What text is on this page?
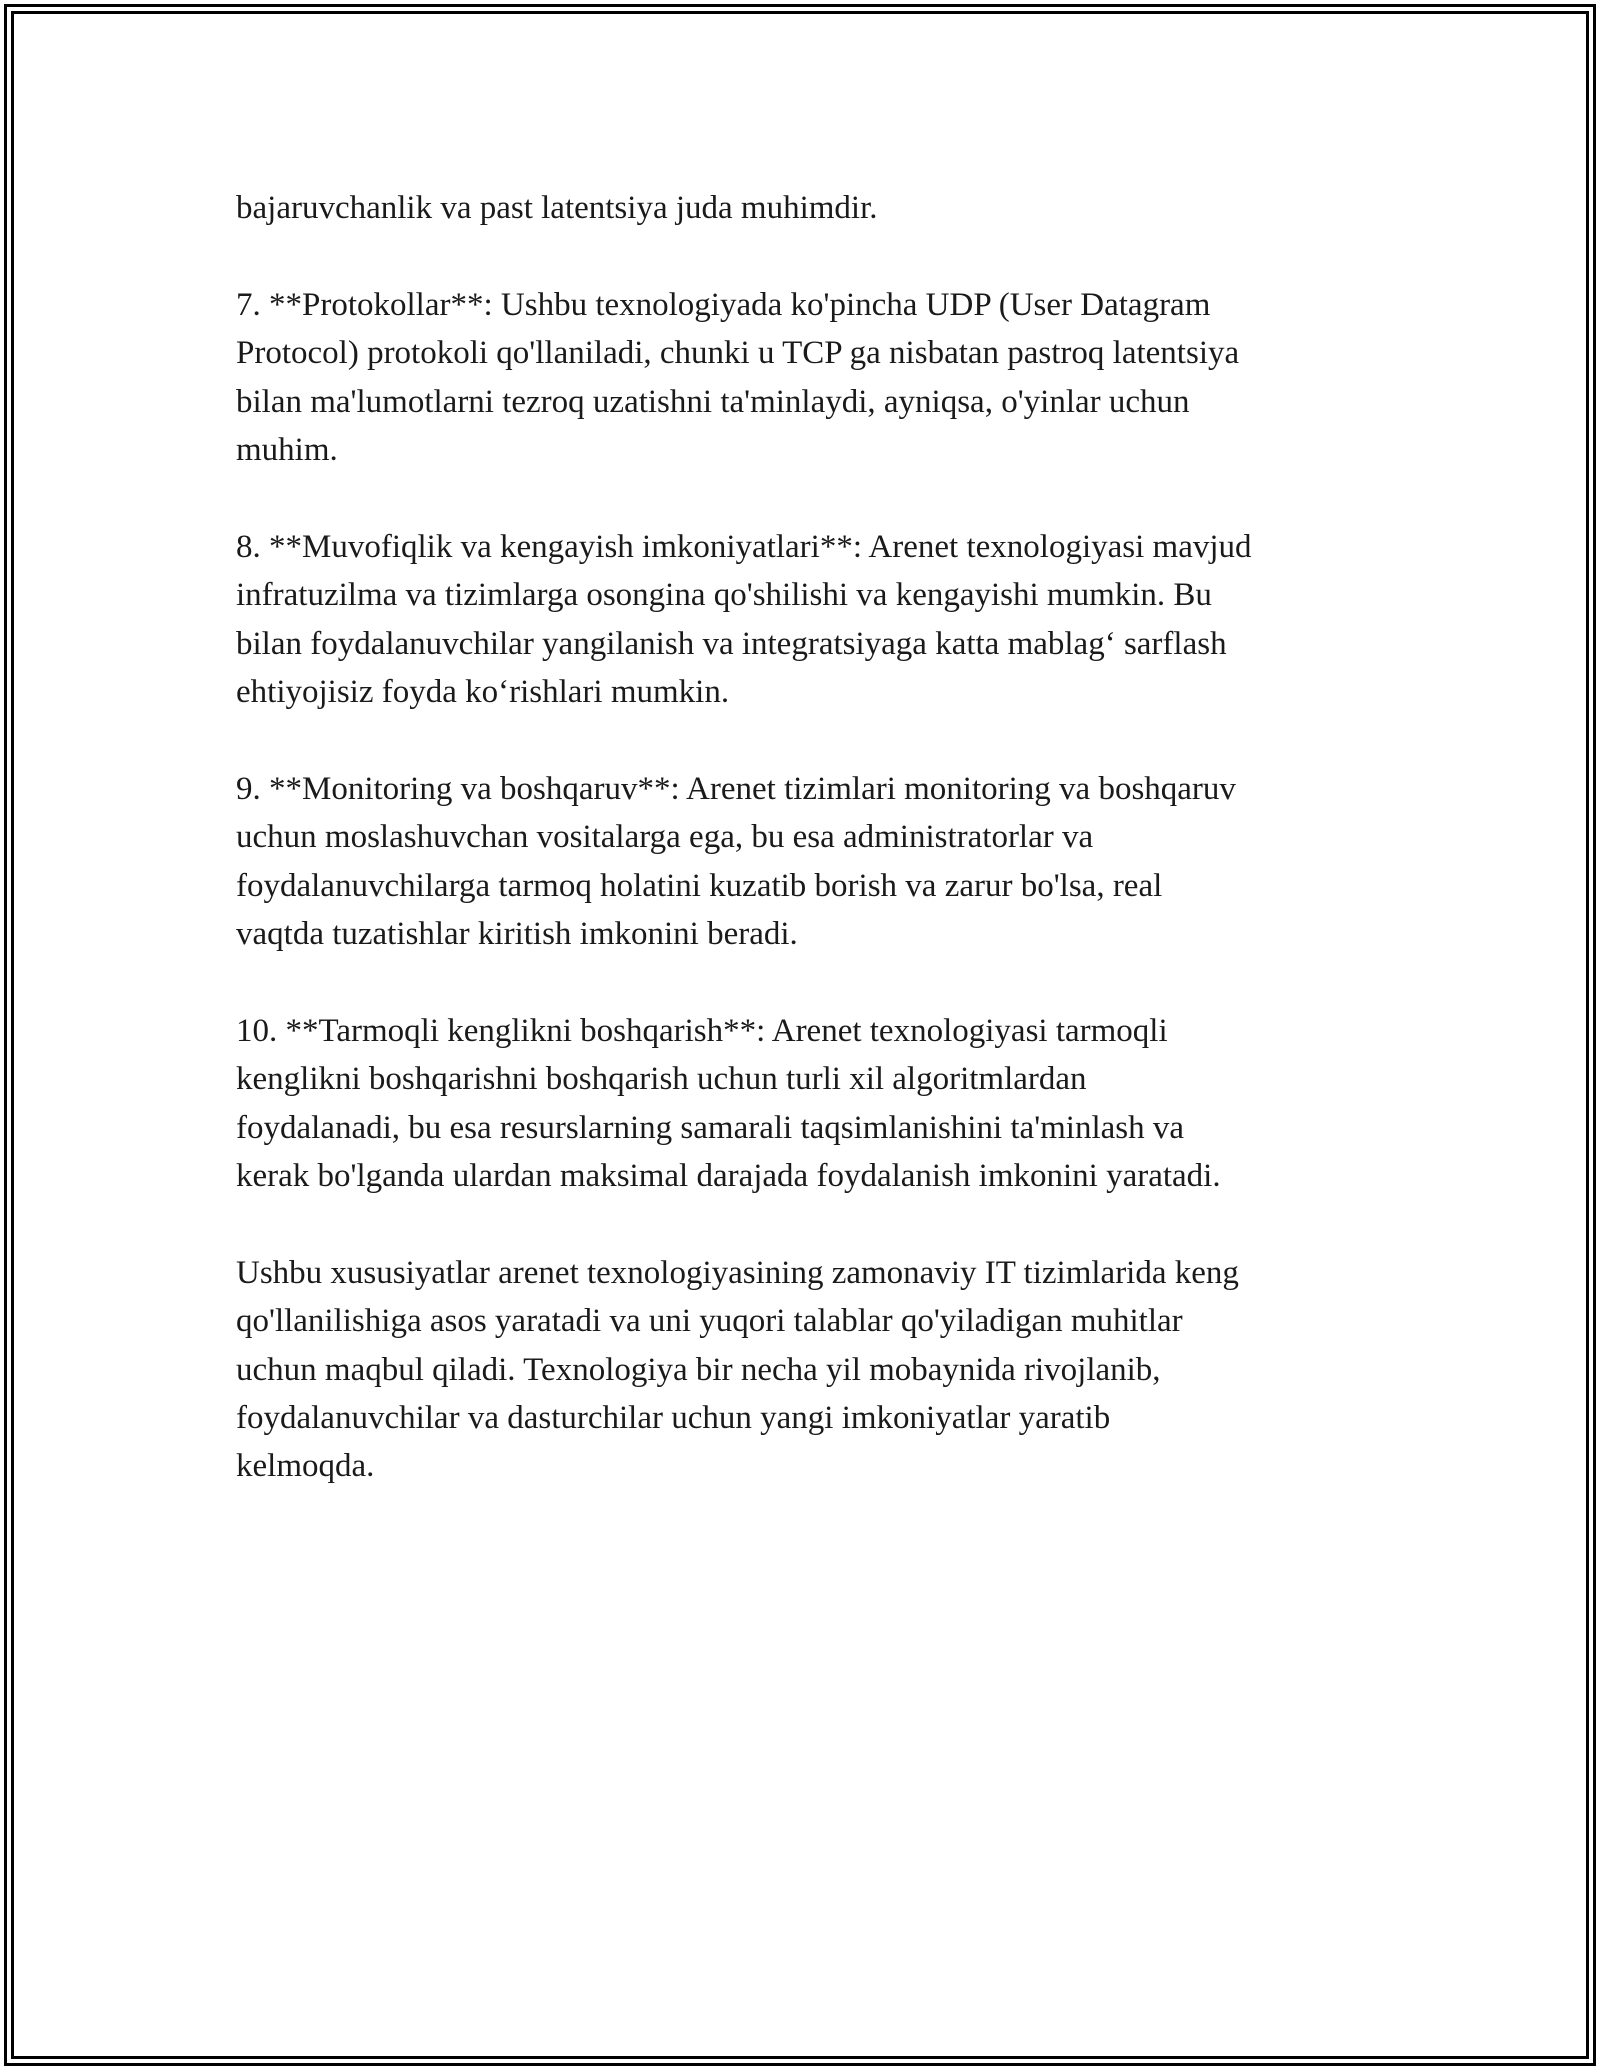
bajaruvchanlik va past latentsiya juda muhimdir.

7. **Protokollar**: Ushbu texnologiyada ko'pincha UDP (User Datagram
Protocol) protokoli qo'llaniladi, chunki u TCP ga nisbatan pastroq latentsiya
bilan ma'lumotlarni tezroq uzatishni ta'minlaydi, ayniqsa, o'yinlar uchun
muhim.

8. **Muvofiqlik va kengayish imkoniyatlari**: Arenet texnologiyasi mavjud
infratuzilma va tizimlarga osongina qo'shilishi va kengayishi mumkin. Bu
bilan foydalanuvchilar yangilanish va integratsiyaga katta mablag‘ sarflash
ehtiyojisiz foyda ko‘rishlari mumkin.

9. **Monitoring va boshqaruv**: Arenet tizimlari monitoring va boshqaruv
uchun moslashuvchan vositalarga ega, bu esa administratorlar va
foydalanuvchilarga tarmoq holatini kuzatib borish va zarur bo'lsa, real
vaqtda tuzatishlar kiritish imkonini beradi.

10. **Tarmoqli kenglikni boshqarish**: Arenet texnologiyasi tarmoqli
kenglikni boshqarishni boshqarish uchun turli xil algoritmlardan
foydalanadi, bu esa resurslarning samarali taqsimlanishini ta'minlash va
kerak bo'lganda ulardan maksimal darajada foydalanish imkonini yaratadi.

Ushbu xususiyatlar arenet texnologiyasining zamonaviy IT tizimlarida keng
qo'llanilishiga asos yaratadi va uni yuqori talablar qo'yiladigan muhitlar
uchun maqbul qiladi. Texnologiya bir necha yil mobaynida rivojlanib,
foydalanuvchilar va dasturchilar uchun yangi imkoniyatlar yaratib
kelmoqda.
